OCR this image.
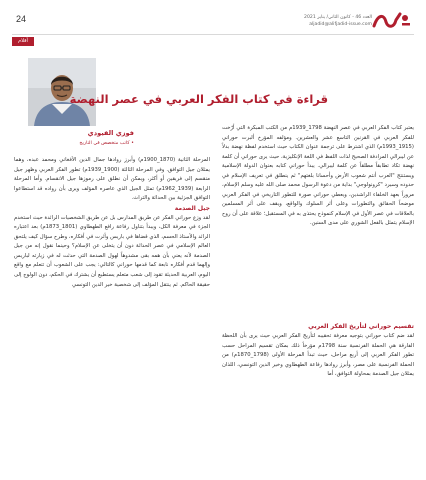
24	العدد 46 - كانون الثاني/ يناير 2021
aljadid@alifjadid-issue.com
أقلام
قراءة في كتاب الفكر العربي في عصر النهضة
فوزي الفيودي
• كاتب متخصص في التاريخ

يعتبر كتاب الفكر العربي في عصر النهضة 1798_1939م من الكتب المبكرة التي أرّخت للفكر العربي في القرنين التاسع عشر والعشرين. ومؤلفه المؤرخ ألبرت حوراني (1915_1993م) الذي اشترط على ترجمة عنوان الكتاب حيث استخدم لفظة نهضة بدلاً عن ليبرالي المرادفة الصحيح لذات اللفظ في اللغة الإنكليزية، حيث يرى حوراني أن كلمة نهضة تكاد تطابقاً مطلقاً عن كلمة ليبرالي. يبدأ حوراني كتابه بعنوان الدولة الإسلامية ويستنتج "العرب أنتم شعوب الأرض وأحسانا بلغتهم" ثم ينطلق في تعريف الإسلام في حدوده وسيرد "كرونولوجي" بداية من دعوة الرسول محمد صلى الله عليه وسلم الإسلام، مروراً بعهد الخلفاء الراشدين، ويعطي حوراني صورة للتطور التاريخي في الفكر العربي موضحاً الحقائق والتطورات وعلى أثر السلوك والواقع، ويقف على أثر المسلمين بالعلاقات في عصر الأول في الإسلام كنموذج يحتذى به في المستقبل؛ علاقة على أن روح الإسلام يتمثل بالفعل الشوري على مدى السنين.

المرحلة الثانية (1870_1900م) وأبرز روادها جمال الدين الأفغاني ومحمد عبده، وهما يمثلان جيل التوافق. وفي المرحلة الثالثة (1900_1939م) تطور الفكر العربي وظهر جيل منقسم إلى فريقين أو أكثر، ويمكن أن نطلق على رموزها جيل الانقسام. وأما المرحلة الرابعة (1939_1962م) تمثل الجيل الذي عاصره المؤلف ويرى بأن رواده قد استطاعوا التوافق الجزئية بين الحداثة والتراث.

جيل الصدمة

لقد وزع حوراني الفكر عن طريق المدارس بل عن طريق الشخصيات الرائدة حيث استخدم الجزء في معرفة الكل، ويبدأ بتناول رفاعة رافع الطهطاوي (1801_1873م) بعد اعتباره الرائد والأستاذ الحسم، الذي قضاها في باريس وأثرت في أفكاره، وطرح سؤال كيف يلتحق العالم الإسلامي في عصر الحداثة دون أن يتخلى عن الإسلام؟ وحينما نقول إنه من جيل الصدمة لأنه يعني بأن همه بقى مشدوهاً لهول الصدمة التي حدثت له في زيارته لباريس وإلهما قدم أفكاره نابعة كما قدمها حوراني كالتالي: يجب على الشعوب أن تتعلم مع واقع اليوم، العربية الحديثة تقود إلى شعب متعلم يستطيع أن يشترك في الحكم، دون الولوج إلى حقيقة الحاكم. ثم ينتقل المؤلف إلى شخصية خير الدين التونسي

تقسيم حوراني لتأريخ الفكر العربي

لقد ضم كتاب حوراني بتوجيه معرفة تحقيبه لتأريخ الفكر العربي حيث يرى بأن اللحظة الفارقة هي الحملة الفرنسية سنة 1798م مؤرخاً ذلك بمكان تقسيم المراحل حسب تطور الفكر العربي إلى أربع مراحل، حيث تبدأ المرحلة الأولى (1798_1870م) من الحملة الفرنسية على مصر، وأبرز روادها رفاعة الطهطاوي وخير الدين التونسي، اللذان يمثلان جيل الصدمة بمحاولة التوافق، أما
